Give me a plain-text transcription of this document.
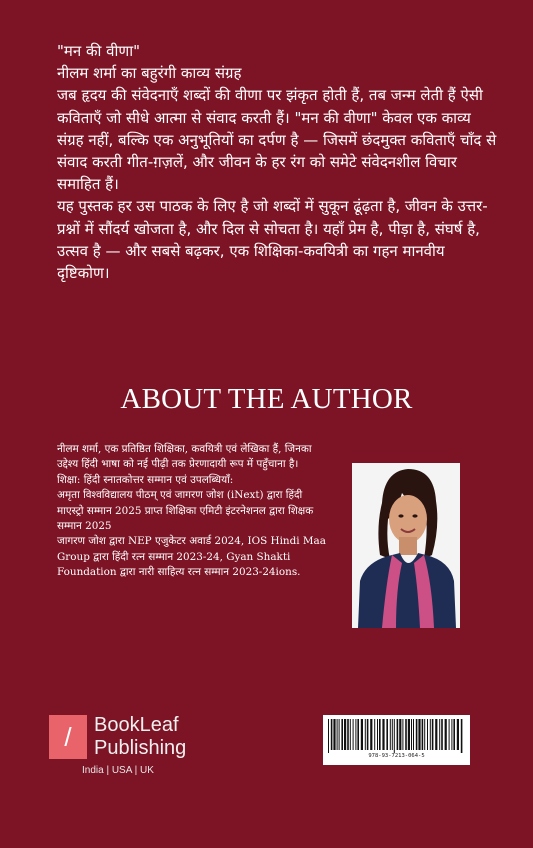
"मन की वीणा"

नीलम शर्मा का बहुरंगी काव्य संग्रह

जब हृदय की संवेदनाएँ शब्दों की वीणा पर झंकृत होती हैं, तब जन्म लेती हैं ऐसी कविताएँ जो सीधे आत्मा से संवाद करती हैं। "मन की वीणा" केवल एक काव्य संग्रह नहीं, बल्कि एक अनुभूतियों का दर्पण है — जिसमें छंदमुक्त कविताएँ चाँद से संवाद करती गीत-ग़ज़लें, और जीवन के हर रंग को समेटे संवेदनशील विचार समाहित हैं।

यह पुस्तक हर उस पाठक के लिए है जो शब्दों में सुकून ढूंढ़ता है, जीवन के उत्तर-प्रश्नों में सौंदर्य खोजता है, और दिल से सोचता है। यहाँ प्रेम है, पीड़ा है, संघर्ष है, उत्सव है — और सबसे बढ़कर, एक शिक्षिका-कवयित्री का गहन मानवीय दृष्टिकोण।

ABOUT THE AUTHOR

नीलम शर्मा, एक प्रतिष्ठित शिक्षिका, कवयित्री एवं लेखिका हैं, जिनका उद्देश्य हिंदी भाषा को नई पीढ़ी तक प्रेरणादायी रूप में पहुँचाना है।

शिक्षा: हिंदी स्नातकोत्तर सम्मान एवं उपलब्धियाँ:

अमृता विश्वविद्यालय पीठम् एवं जागरण जोश (iNext) द्वारा हिंदी माएस्ट्रो सम्मान 2025 प्राप्त शिक्षिका एमिटी इंटरनेशनल द्वारा शिक्षक सम्मान 2025

जागरण जोश द्वारा NEP एजुकेटर अवार्ड 2024, IOS Hindi Maa Group द्वारा हिंदी रत्न सम्मान 2023-24, Gyan Shakti Foundation द्वारा नारी साहित्य रत्न सम्मान 2023-24ions.

/	BookLeaf
Publishing
India | USA | UK
978-93-7213-064-5
